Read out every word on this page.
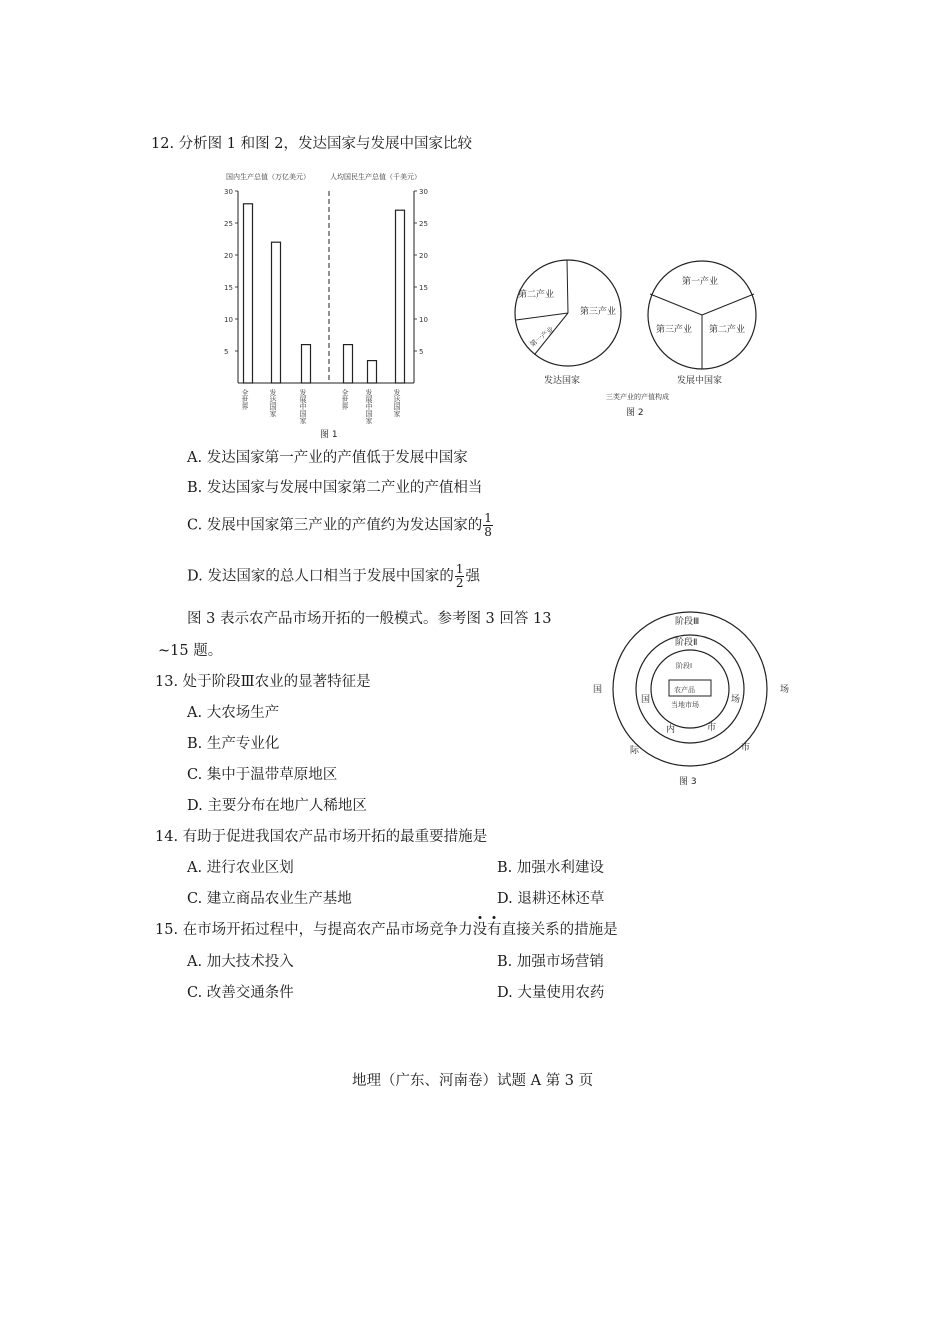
12. 分析图 1 和图 2，发达国家与发展中国家比较
国内生产总值（万亿美元）	人均国民生产总值（千美元）
30
25
20
15
10
5
30
25
20
15
10
5
全世界	发达国家	发展中国家	全世界 发展中国家	发达国家
图 1
第二产业
第三产业
第一产业
发达国家
第一产业
第三产业 第二产业
发展中国家
三类产业的产值构成
图 2
A. 发达国家第一产业的产值低于发展中国家
B. 发达国家与发展中国家第二产业的产值相当
C. 发展中国家第三产业的产值约为发达国家的 $\frac{1}{8}$
D. 发达国家的总人口相当于发展中国家的 $\frac{1}{2}$ 强
图 3 表示农产品市场开拓的一般模式。参考图 3 回答 13
~15 题。
阶段Ⅲ
阶段Ⅱ
阶段Ⅰ
农产品
当地市场
国	场
际	市
国	场
内	市
图 3
13. 处于阶段Ⅲ农业的显著特征是
A. 大农场生产
B. 生产专业化
C. 集中于温带草原地区
D. 主要分布在地广人稀地区
14. 有助于促进我国农产品市场开拓的最重要措施是
A. 进行农业区划	B. 加强水利建设
C. 建立商品农业生产基地	D. 退耕还林还草
15. 在市场开拓过程中，与提高农产品市场竞争力
没
有直接关系的措施是
A. 加大技术投入	B. 加强市场营销
C. 改善交通条件	D. 大量使用农药
地理（广东、河南卷）试题 A 第 3 页
